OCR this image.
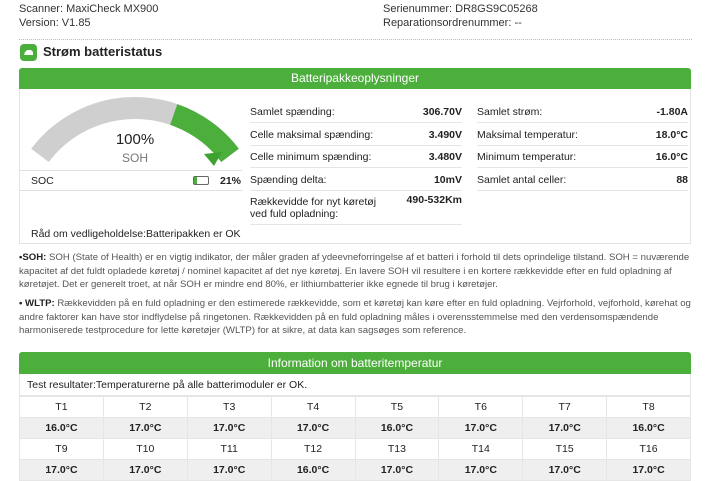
Scanner: MaxiCheck MX900
Version: V1.85
Serienummer: DR8GS9C05268
Reparationsordrenummer: --
Strøm batteristatus
Batteripakkeoplysninger
100%
SOH
SOC	21%
Råd om vedligeholdelse:Batteripakken er OK
Samlet spænding:	306.70V
Celle maksimal spænding:	3.490V
Celle minimum spænding:	3.480V
Spænding delta:	10mV
Rækkevidde for nyt køretøj ved fuld opladning:
490-532Km
Samlet strøm:	-1.80A
Maksimal temperatur:	18.0°C
Minimum temperatur:	16.0°C
Samlet antal celler:	88
•SOH: SOH (State of Health) er en vigtig indikator, der måler graden af ydeevneforringelse af et batteri i forhold til dets oprindelige tilstand. SOH = nuværende kapacitet af det fuldt opladede køretøj / nominel kapacitet af det nye køretøj. En lavere SOH vil resultere i en kortere rækkevidde efter en fuld opladning af køretøjet. Det er generelt troet, at når SOH er mindre end 80%, er lithiumbatterier ikke egnede til brug i køretøjer.
• WLTP: Rækkevidden på en fuld opladning er den estimerede rækkevidde, som et køretøj kan køre efter en fuld opladning. Vejrforhold, vejforhold, kørehat og andre faktorer kan have stor indflydelse på ringetonen. Rækkevidden på en fuld opladning måles i overensstemmelse med den verdensomspændende harmoniserede testprocedure for lette køretøjer (WLTP) for at sikre, at data kan sagsøges som reference.
Information om batteritemperatur
Test resultater:Temperaturerne på alle batterimoduler er OK.
T1	T2	T3	T4	T5	T6	T7	T8
16.0°C	17.0°C	17.0°C	17.0°C	16.0°C	17.0°C	17.0°C	16.0°C
T9	T10	T11	T12	T13	T14	T15	T16
17.0°C	17.0°C	17.0°C	16.0°C	17.0°C	17.0°C	17.0°C	17.0°C
